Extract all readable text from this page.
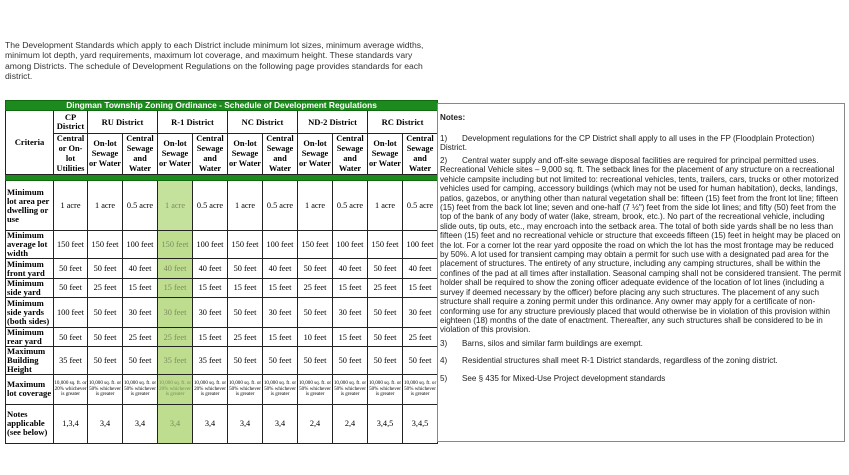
The Development Standards which apply to each District include minimum lot sizes, minimum average widths, minimum lot depth, yard requirements, maximum lot coverage, and maximum height. These standards vary among Districts. The schedule of Development Regulations on the following page provides standards for each district.
Dingman Township Zoning Ordinance - Schedule of Development Regulations											
Criteria	CP District	RU District		R-1 District		NC District		ND-2 District		RC District	
	Central or On-lot Utilities	On-lot Sewage or Water	Central Sewage and Water	On-lot Sewage or Water	Central Sewage and Water	On-lot Sewage or Water	Central Sewage and Water	On-lot Sewage or Water	Central Sewage and Water	On-lot Sewage or Water	Central Sewage and Water

Minimum lot area per dwelling or use	1 acre	1 acre	0.5 acre	1 acre	0.5 acre	1 acre	0.5 acre	1 acre	0.5 acre	1 acre	0.5 acre
Minimum average lot width	150 feet	150 feet	100 feet	150 feet	100 feet	150 feet	100 feet	150 feet	100 feet	150 feet	100 feet
Minimum front yard	50 feet	50 feet	40 feet	40 feet	40 feet	50 feet	40 feet	50 feet	40 feet	50 feet	40 feet
Minimum side yard	50 feet	25 feet	15 feet	15 feet	15 feet	15 feet	15 feet	25 feet	15 feet	25 feet	15 feet
Minimum side yards (both sides)	100 feet	50 feet	30 feet	30 feet	30 feet	50 feet	30 feet	50 feet	30 feet	50 feet	30 feet
Minimum rear yard	50 feet	50 feet	25 feet	25 feet	15 feet	25 feet	15 feet	10 feet	15 feet	50 feet	25 feet
Maximum Building Height	35 feet	50 feet	50 feet	35 feet	35 feet	50 feet	50 feet	50 feet	50 feet	50 feet	50 feet
Maximum lot coverage	10,000 sq. ft. or 20% whichever is greater	10,000 sq. ft. or 50% whichever is greater	10,000 sq. ft. or 50% whichever is greater	10,000 sq. ft. or 20% whichever is greater	10,000 sq. ft. or 20% whichever is greater	10,000 sq. ft. or 50% whichever is greater	10,000 sq. ft. or 50% whichever is greater	10,000 sq. ft. or 50% whichever is greater	10,000 sq. ft. or 50% whichever is greater	10,000 sq. ft. or 50% whichever is greater	10,000 sq. ft. or 50% whichever is greater
Notes applicable (see below)	1,3,4	3,4	3,4	3,4	3,4	3,4	3,4	2,4	2,4	3,4,5	3,4,5
Notes:
1) Development regulations for the CP District shall apply to all uses in the FP (Floodplain Protection) District.
2) Central water supply and off-site sewage disposal facilities are required for principal permitted uses. Recreational Vehicle sites – 9,000 sq. ft. The setback lines for the placement of any structure on a recreational vehicle campsite including but not limited to: recreational vehicles, tents, trailers, cars, trucks or other motorized vehicles used for camping, accessory buildings (which may not be used for human habitation), decks, landings, patios, gazebos, or anything other than natural vegetation shall be: fifteen (15) feet from the front lot line; fifteen (15) feet from the back lot line; seven and one-half (7 ½") feet from the side lot lines; and fifty (50) feet from the top of the bank of any body of water (lake, stream, brook, etc.). No part of the recreational vehicle, including slide outs, tip outs, etc., may encroach into the setback area. The total of both side yards shall be no less than fifteen (15) feet and no recreational vehicle or structure that exceeds fifteen (15) feet in height may be placed on the lot. For a corner lot the rear yard opposite the road on which the lot has the most frontage may be reduced by 50%. A lot used for transient camping may obtain a permit for such use with a designated pad area for the placement of structures. The entirety of any structure, including any camping structures, shall be within the confines of the pad at all times after installation. Seasonal camping shall not be considered transient. The permit holder shall be required to show the zoning officer adequate evidence of the location of lot lines (including a survey if deemed necessary by the officer) before placing any such structures. The placement of any such structure shall require a zoning permit under this ordinance. Any owner may apply for a certificate of non-conforming use for any structure previously placed that would otherwise be in violation of this provision within eighteen (18) months of the date of enactment. Thereafter, any such structures shall be considered to be in violation of this provision.
3) Barns, silos and similar farm buildings are exempt.
4) Residential structures shall meet R-1 District standards, regardless of the zoning district.
5) See § 435 for Mixed-Use Project development standards
